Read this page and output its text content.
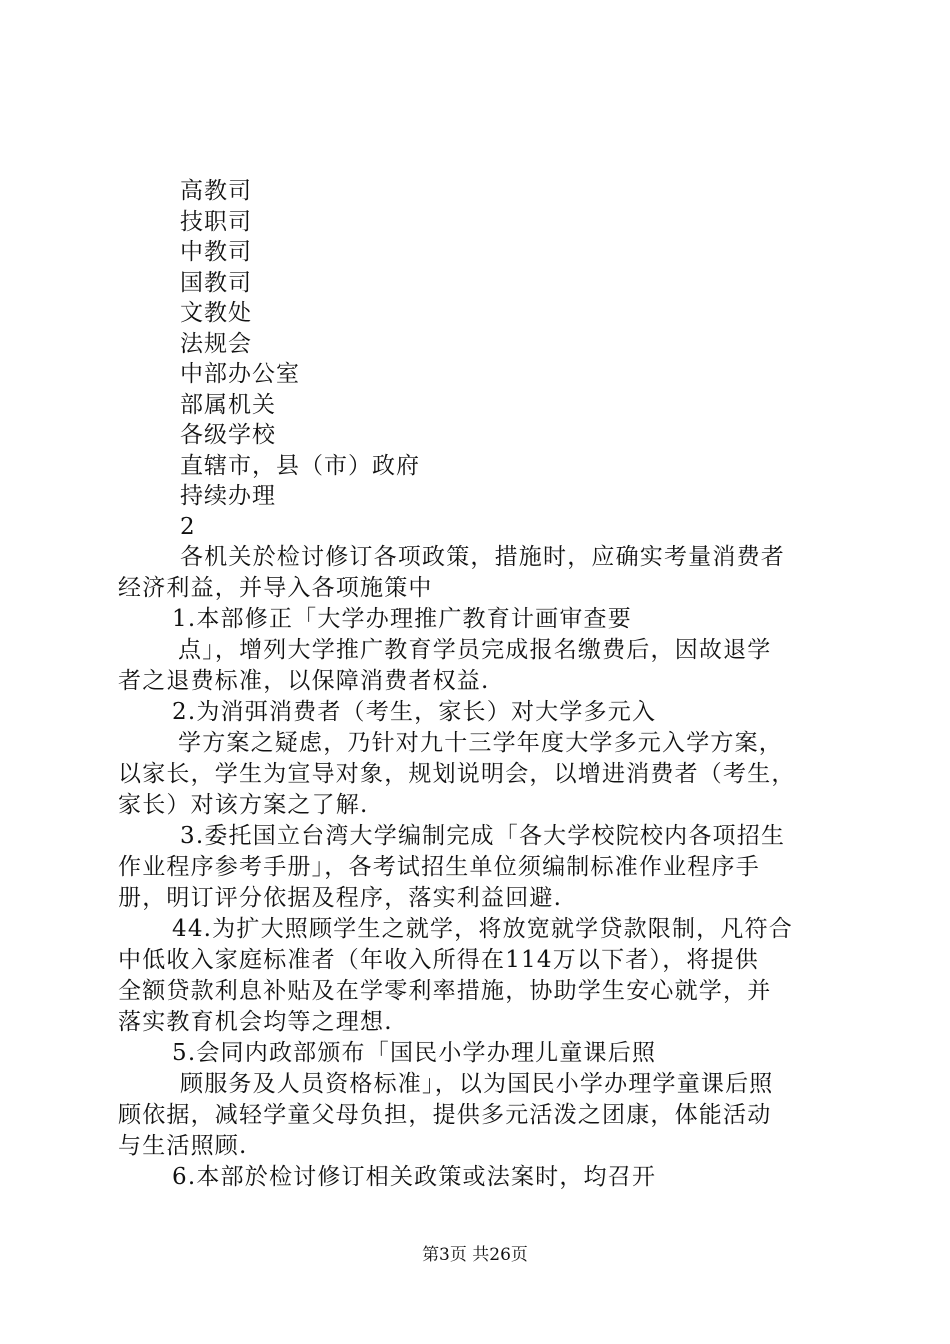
高教司
技职司
中教司
国教司
文教处
法规会
中部办公室
部属机关
各级学校
直辖市，县（市）政府
持续办理
2
各机关於检讨修订各项政策，措施时，应确实考量消费者
经济利益，并导入各项施策中
1.本部修正「大学办理推广教育计画审查要
点」，增列大学推广教育学员完成报名缴费后，因故退学
者之退费标准，以保障消费者权益.
2.为消弭消费者（考生，家长）对大学多元入
学方案之疑虑，乃针对九十三学年度大学多元入学方案，
以家长，学生为宣导对象，规划说明会，以增进消费者（考生，
家长）对该方案之了解.
3.委托国立台湾大学编制完成「各大学校院校内各项招生
作业程序参考手册」，各考试招生单位须编制标准作业程序手
册，明订评分依据及程序，落实利益回避.
44.为扩大照顾学生之就学，将放宽就学贷款限制，凡符合
中低收入家庭标准者（年收入所得在114万以下者），将提供
全额贷款利息补贴及在学零利率措施，协助学生安心就学，并
落实教育机会均等之理想.
5.会同内政部颁布「国民小学办理儿童课后照
顾服务及人员资格标准」，以为国民小学办理学童课后照
顾依据，减轻学童父母负担，提供多元活泼之团康，体能活动
与生活照顾.
6.本部於检讨修订相关政策或法案时，均召开
第3页 共26页
